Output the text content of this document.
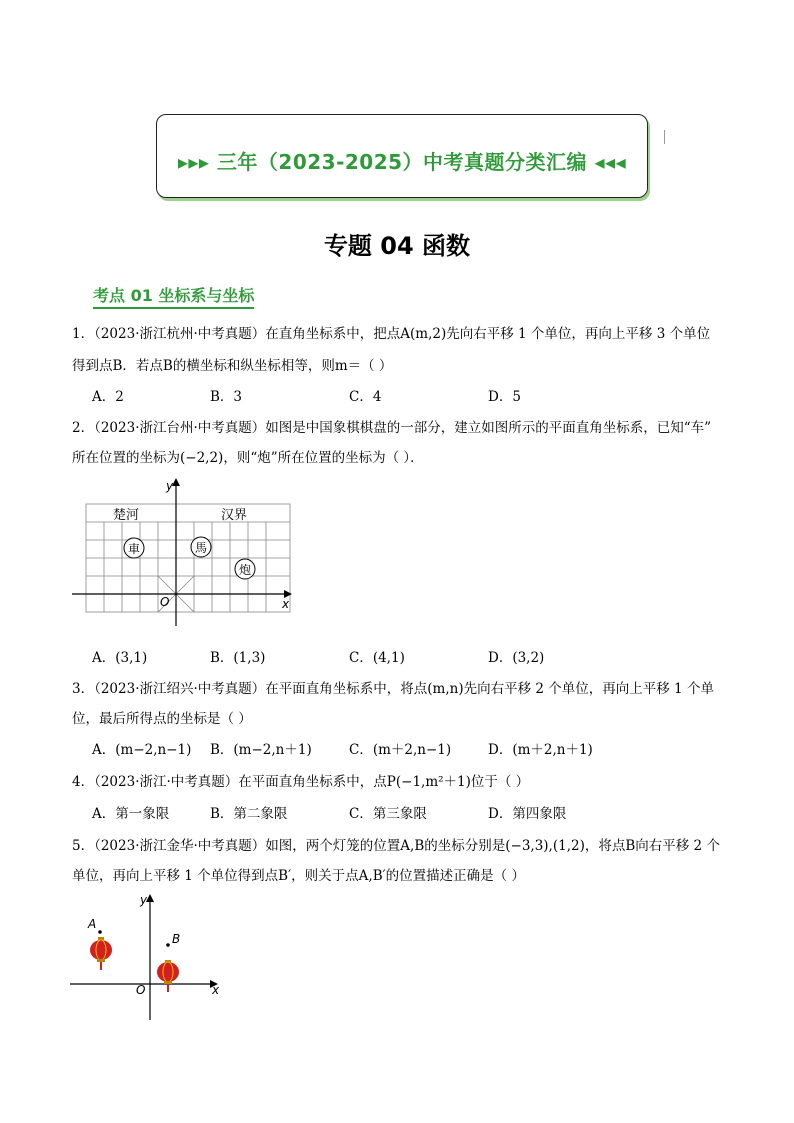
▸▸▸ 三年（2023-2025）中考真题分类汇编 ◂◂◂
专题 04 函数
考点 01 坐标系与坐标
1．（2023·浙江杭州·中考真题）在直角坐标系中，把点A(m,2)先向右平移 1 个单位，再向上平移 3 个单位
得到点B．若点B的横坐标和纵坐标相等，则m＝（ ）
A．2	B．3	C．4	D．5
2．（2023·浙江台州·中考真题）如图是中国象棋棋盘的一部分，建立如图所示的平面直角坐标系，已知“车”
所在位置的坐标为(−2,2)，则“炮”所在位置的坐标为（ ）．
x
y
O
楚河	汉界
車	馬
炮
A．(3,1)	B．(1,3)	C．(4,1)	D．(3,2)
3．（2023·浙江绍兴·中考真题）在平面直角坐标系中，将点(m,n)先向右平移 2 个单位，再向上平移 1 个单
位，最后所得点的坐标是（ ）
A．(m−2,n−1) B．(m−2,n＋1)	C．(m＋2,n−1)	D．(m＋2,n＋1)
4．（2023·浙江·中考真题）在平面直角坐标系中，点P(−1,m²＋1)位于（ ）
A．第一象限	B．第二象限	C．第三象限	D．第四象限
5．（2023·浙江金华·中考真题）如图，两个灯笼的位置A,B的坐标分别是(−3,3),(1,2)，将点B向右平移 2 个
单位，再向上平移 1 个单位得到点B′，则关于点A,B′的位置描述正确是（ ）
x
y
O
A
B
